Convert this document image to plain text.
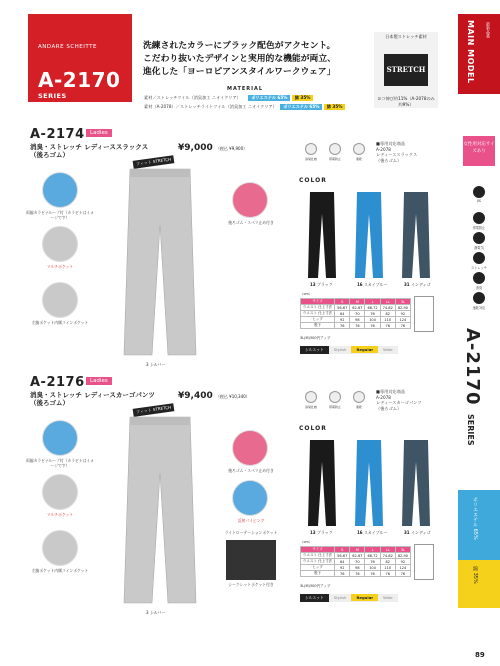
ANDARE SCHEITTE
A-2170
SERIES
洗練されたカラーにブラック配色がアクセント。
こだわり抜いたデザインと実用的な機能が両立、
進化した「ヨーロピアンスタイルワークウェア」
MATERIAL
素材／ストレッチツイル（消臭加工 ニオイクリア） ポリエステル 65% 綿 35%
素材（A-2078）／ストレッチライトツイル（消臭加工 ニオイクリア） ポリエステル 65% 綿 35%
日本製ストレッチ素材
STRETCH
ヨコ伸び約11%（A-2078のみ約9%）
MAIN MODEL	最新品番
女性用対応サイズあり
JIS
帯電防止
静電気
ストレッチ
消臭
速乾対応
A-2170
SERIES
ポリエステル 65%
綿 35%
89
A-2174 Ladies
消臭・ストレッチ レディーススラックス
（後ろゴム）
¥9,000 （税込 ¥9,900）
フィット STRETCH
3 シルバー
両脇カラビナループ付（カラビナはイメージです）
マルチポケット
左脇ポケット内側コインポケット
後ろゴム・スベリ止め付き
消臭仕様	帯電防止	速乾
■専用対応商品
A-2078
レディーススラックス
（後ろゴム）
COLOR
13 ブラック	16 スカイブルー	31 インディゴ
（cm）
サイズ	S	M	L	LL	3L
ウエスト 仕上寸法	56-67	62-67	66-72	74-82	82-90
ウエスト 仕上寸法	64	70	76	82	92
ヒップ	92	98	104	110	124
股下	76	76	76	76	76
3L(M)300円アップ
シルエット	Stylish	Regular	Wide
A-2176 Ladies
消臭・ストレッチ レディースカーゴパンツ
（後ろゴム）
¥9,400 （税込 ¥10,340）
フィット STRETCH
3 シルバー
両脇カラビナループ付（カラビナはイメージです）
マルチポケット
左脇ポケット内側コインポケット
後ろゴム・スベリ止め付き
反射パイピング
ライトローテーションポケット
シークレットポケット付き
消臭仕様	帯電防止	速乾
■専用対応商品
A-2078
レディースカーゴパンツ
（後ろゴム）
COLOR
13 ブラック	16 スカイブルー	31 インディゴ
（cm）
サイズ	S	M	L	LL	3L
ウエスト 仕上寸法	56-67	62-67	66-72	74-82	82-90
ウエスト 仕上寸法	64	70	76	82	92
ヒップ	92	98	104	110	124
股下	76	76	76	76	76
3L(M)300円アップ
シルエット	Stylish	Regular	Wide
